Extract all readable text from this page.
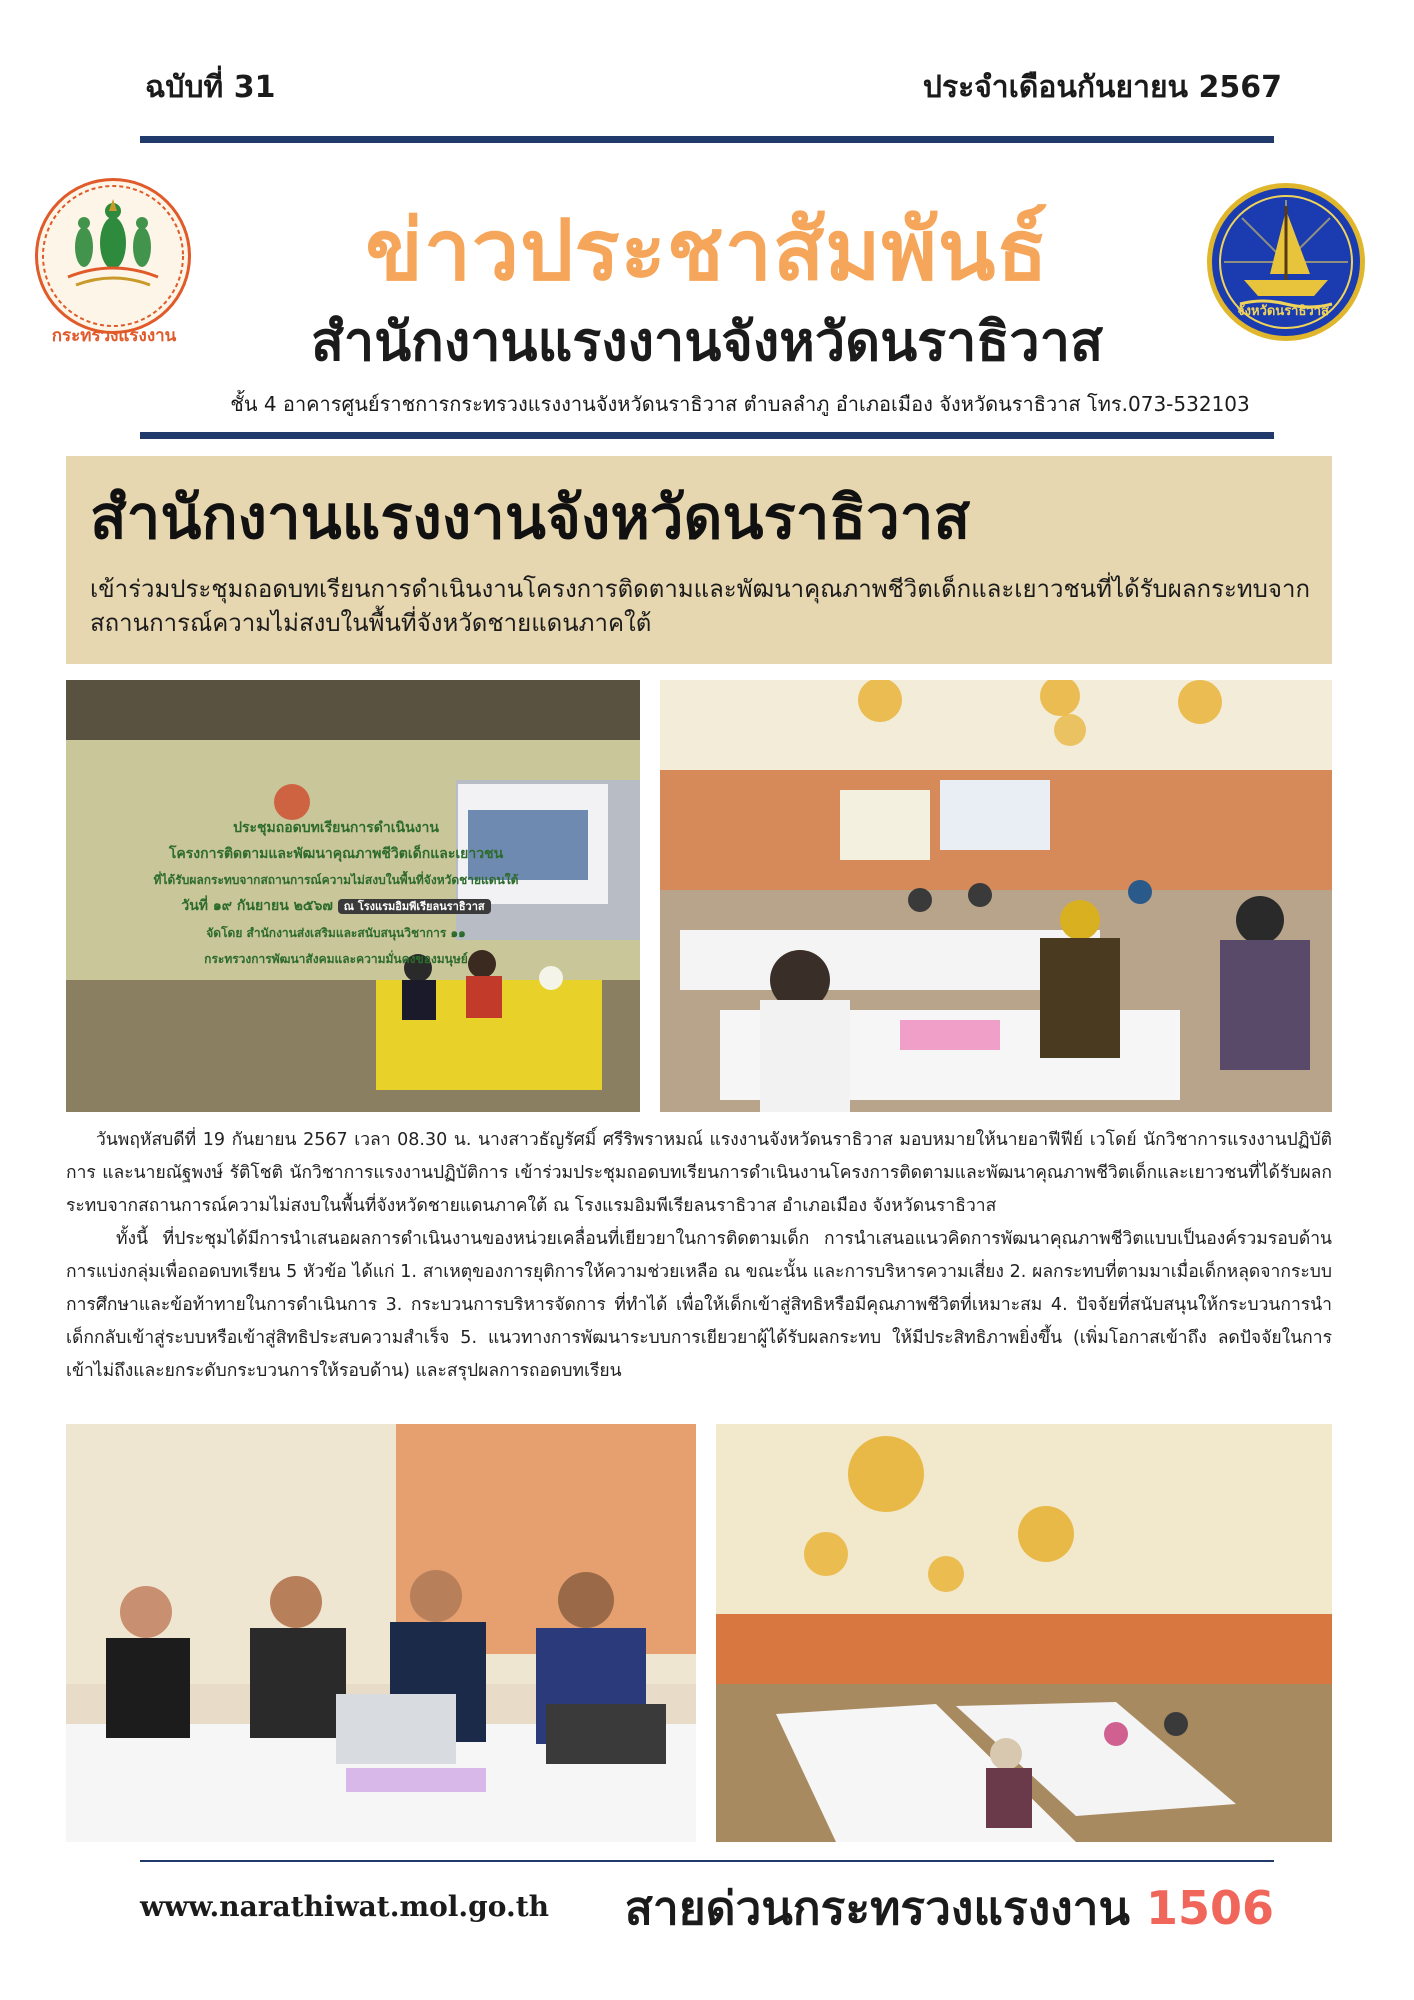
ฉบับที่ 31	ประจำเดือนกันยายน 2567
กระทรวงแรงงาน
ข่าวประชาสัมพันธ์
สำนักงานแรงงานจังหวัดนราธิวาส	จังหวัดนราธิวาส
ชั้น 4 อาคารศูนย์ราชการกระทรวงแรงงานจังหวัดนราธิวาส ตำบลลำภู อำเภอเมือง จังหวัดนราธิวาส โทร.073-532103
สำนักงานแรงงานจังหวัดนราธิวาส
เข้าร่วมประชุมถอดบทเรียนการดำเนินงานโครงการติดตามและพัฒนาคุณภาพชีวิตเด็กและเยาวชนที่ได้รับผลกระทบจากสถานการณ์ความไม่สงบในพื้นที่จังหวัดชายแดนภาคใต้
ประชุมถอดบทเรียนการดำเนินงาน
โครงการติดตามและพัฒนาคุณภาพชีวิตเด็กและเยาวชน
ที่ได้รับผลกระทบจากสถานการณ์ความไม่สงบในพื้นที่จังหวัดชายแดนใต้
วันที่ ๑๙ กันยายน ๒๕๖๗ ณ โรงแรมอิมพีเรียลนราธิวาส
จัดโดย สำนักงานส่งเสริมและสนับสนุนวิชาการ ๑๑
กระทรวงการพัฒนาสังคมและความมั่นคงของมนุษย์

วันพฤหัสบดีที่ 19 กันยายน 2567 เวลา 08.30 น. นางสาวธัญรัศมิ์ ศรีริพราหมณ์ แรงงานจังหวัดนราธิวาส มอบหมายให้นายอาฟีฟีย์ เวโดย์ นักวิชาการแรงงานปฏิบัติการ และนายณัฐพงษ์ รัติโชติ นักวิชาการแรงงานปฏิบัติการ เข้าร่วมประชุมถอดบทเรียนการดำเนินงานโครงการติดตามและพัฒนาคุณภาพชีวิตเด็กและเยาวชนที่ได้รับผลกระทบจากสถานการณ์ความไม่สงบในพื้นที่จังหวัดชายแดนภาคใต้ ณ โรงแรมอิมพีเรียลนราธิวาส อำเภอเมือง จังหวัดนราธิวาส

ทั้งนี้ ที่ประชุมได้มีการนำเสนอผลการดำเนินงานของหน่วยเคลื่อนที่เยียวยาในการติดตามเด็ก การนำเสนอแนวคิดการพัฒนาคุณภาพชีวิตแบบเป็นองค์รวมรอบด้าน การแบ่งกลุ่มเพื่อถอดบทเรียน 5 หัวข้อ ได้แก่ 1. สาเหตุของการยุติการให้ความช่วยเหลือ ณ ขณะนั้น และการบริหารความเสี่ยง 2. ผลกระทบที่ตามมาเมื่อเด็กหลุดจากระบบการศึกษาและข้อท้าทายในการดำเนินการ 3. กระบวนการบริหารจัดการ ที่ทำได้ เพื่อให้เด็กเข้าสู่สิทธิหรือมีคุณภาพชีวิตที่เหมาะสม 4. ปัจจัยที่สนับสนุนให้กระบวนการนำเด็กกลับเข้าสู่ระบบหรือเข้าสู่สิทธิประสบความสำเร็จ 5. แนวทางการพัฒนาระบบการเยียวยาผู้ได้รับผลกระทบ ให้มีประสิทธิภาพยิ่งขึ้น (เพิ่มโอกาสเข้าถึง ลดปัจจัยในการเข้าไม่ถึงและยกระดับกระบวนการให้รอบด้าน) และสรุปผลการถอดบทเรียน

www.narathiwat.mol.go.th สายด่วนกระทรวงแรงงาน 1506
